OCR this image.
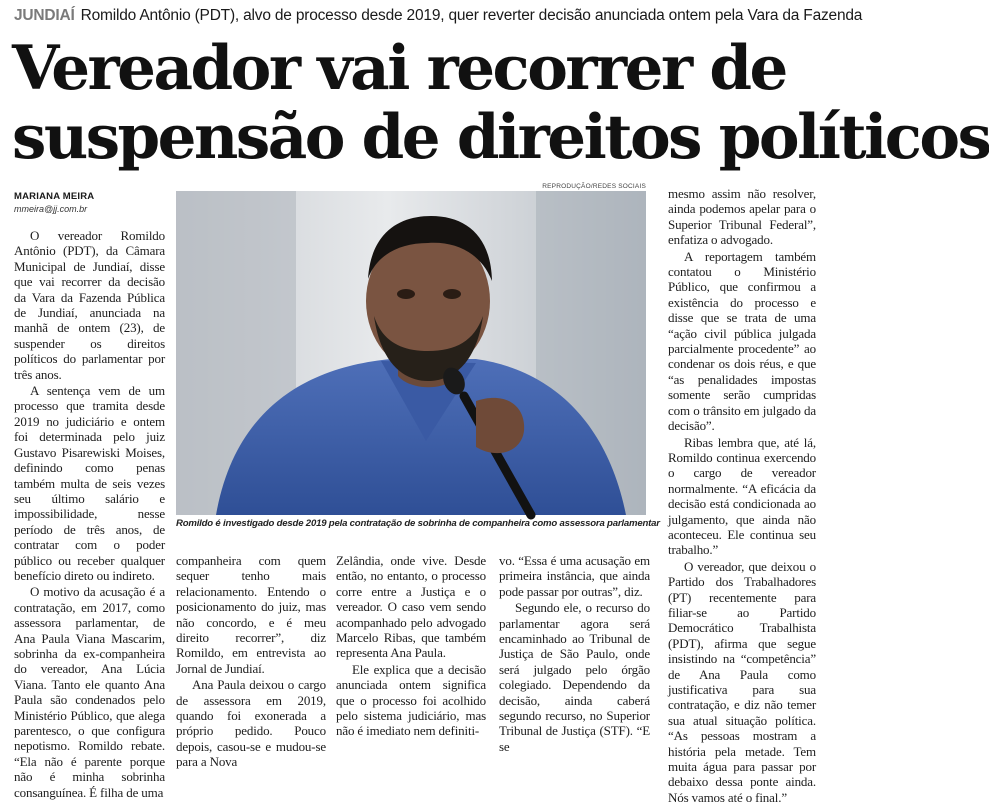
JUNDIAÍ Romildo Antônio (PDT), alvo de processo desde 2019, quer reverter decisão anunciada ontem pela Vara da Fazenda
Vereador vai recorrer de
suspensão de direitos políticos
MARIANA MEIRA
mmeira@jj.com.br

O vereador Romildo Antônio (PDT), da Câmara Municipal de Jundiaí, disse que vai recorrer da decisão da Vara da Fazenda Pública de Jundiaí, anunciada na manhã de ontem (23), de suspender os direitos políticos do parlamentar por três anos.

A sentença vem de um processo que tramita desde 2019 no judiciário e ontem foi determinada pelo juiz Gustavo Pisarewiski Moises, definindo como penas também multa de seis vezes seu último salário e impossibilidade, nesse período de três anos, de contratar com o poder público ou receber qualquer benefício direto ou indireto.

O motivo da acusação é a contratação, em 2017, como assessora parlamentar, de Ana Paula Viana Mascarim, sobrinha da ex-companheira do vereador, Ana Lúcia Viana. Tanto ele quanto Ana Paula são condenados pelo Ministério Público, que alega parentesco, o que configura nepotismo. Romildo rebate. “Ela não é parente porque não é minha sobrinha consanguínea. É filha de uma

REPRODUÇÃO/REDES SOCIAIS
Romildo é investigado desde 2019 pela contratação de sobrinha de companheira como assessora parlamentar

companheira com quem sequer tenho mais relacionamento. Entendo o posicionamento do juiz, mas não concordo, e é meu direito recorrer”, diz Romildo, em entrevista ao Jornal de Jundiaí.

Ana Paula deixou o cargo de assessora em 2019, quando foi exonerada a próprio pedido. Pouco depois, casou-se e mudou-se para a Nova

Zelândia, onde vive. Desde então, no entanto, o processo corre entre a Justiça e o vereador. O caso vem sendo acompanhado pelo advogado Marcelo Ribas, que também representa Ana Paula.

Ele explica que a decisão anunciada ontem significa que o processo foi acolhido pelo sistema judiciário, mas não é imediato nem definiti-

vo. “Essa é uma acusação em primeira instância, que ainda pode passar por outras”, diz.

Segundo ele, o recurso do parlamentar agora será encaminhado ao Tribunal de Justiça de São Paulo, onde será julgado pelo órgão colegiado. Dependendo da decisão, ainda caberá segundo recurso, no Superior Tribunal de Justiça (STF). “E se

mesmo assim não resolver, ainda podemos apelar para o Superior Tribunal Federal”, enfatiza o advogado.

A reportagem também contatou o Ministério Público, que confirmou a existência do processo e disse que se trata de uma “ação civil pública julgada parcialmente procedente” ao condenar os dois réus, e que “as penalidades impostas somente serão cumpridas com o trânsito em julgado da decisão”.

Ribas lembra que, até lá, Romildo continua exercendo o cargo de vereador normalmente. “A eficácia da decisão está condicionada ao julgamento, que ainda não aconteceu. Ele continua seu trabalho.”

O vereador, que deixou o Partido dos Trabalhadores (PT) recentemente para filiar-se ao Partido Democrático Trabalhista (PDT), afirma que segue insistindo na “competência” de Ana Paula como justificativa para sua contratação, e diz não temer sua atual situação política. “As pessoas mostram a história pela metade. Tem muita água para passar por debaixo dessa ponte ainda. Nós vamos até o final.”
